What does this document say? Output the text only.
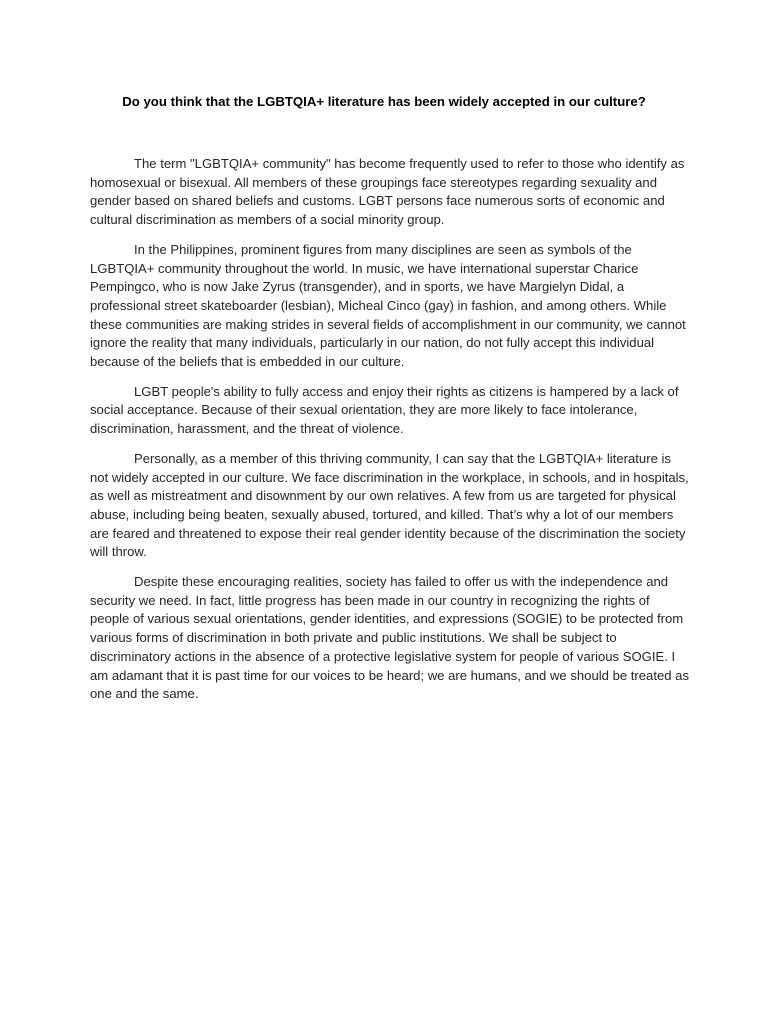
Do you think that the LGBTQIA+ literature has been widely accepted in our culture?

The term "LGBTQIA+ community" has become frequently used to refer to those who identify as homosexual or bisexual. All members of these groupings face stereotypes regarding sexuality and gender based on shared beliefs and customs. LGBT persons face numerous sorts of economic and cultural discrimination as members of a social minority group.

In the Philippines, prominent figures from many disciplines are seen as symbols of the LGBTQIA+ community throughout the world. In music, we have international superstar Charice Pempingco, who is now Jake Zyrus (transgender), and in sports, we have Margielyn Didal, a professional street skateboarder (lesbian), Micheal Cinco (gay) in fashion, and among others. While these communities are making strides in several fields of accomplishment in our community, we cannot ignore the reality that many individuals, particularly in our nation, do not fully accept this individual because of the beliefs that is embedded in our culture.

LGBT people's ability to fully access and enjoy their rights as citizens is hampered by a lack of social acceptance. Because of their sexual orientation, they are more likely to face intolerance, discrimination, harassment, and the threat of violence.

Personally, as a member of this thriving community, I can say that the LGBTQIA+ literature is not widely accepted in our culture. We face discrimination in the workplace, in schools, and in hospitals, as well as mistreatment and disownment by our own relatives. A few from us are targeted for physical abuse, including being beaten, sexually abused, tortured, and killed. That’s why a lot of our members are feared and threatened to expose their real gender identity because of the discrimination the society will throw.

Despite these encouraging realities, society has failed to offer us with the independence and security we need. In fact, little progress has been made in our country in recognizing the rights of people of various sexual orientations, gender identities, and expressions (SOGIE) to be protected from various forms of discrimination in both private and public institutions. We shall be subject to discriminatory actions in the absence of a protective legislative system for people of various SOGIE. I am adamant that it is past time for our voices to be heard; we are humans, and we should be treated as one and the same.
